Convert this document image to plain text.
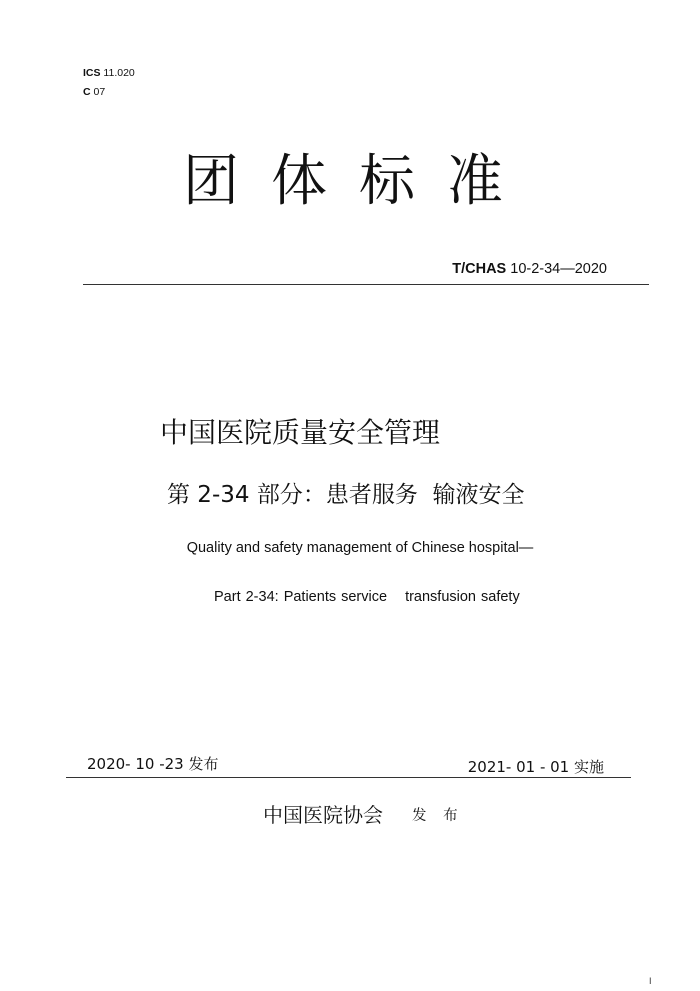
ICS 11.020
C 07
团体标准
T/CHAS 10-2-34—2020
中国医院质量安全管理
第 2-34 部分：患者服务  输液安全
Quality and safety management of Chinese hospital—
Part 2-34: Patients service transfusion safety
2020- 10 -23 发布	2021- 01 - 01 实施
中国医院协会 发 布
I
